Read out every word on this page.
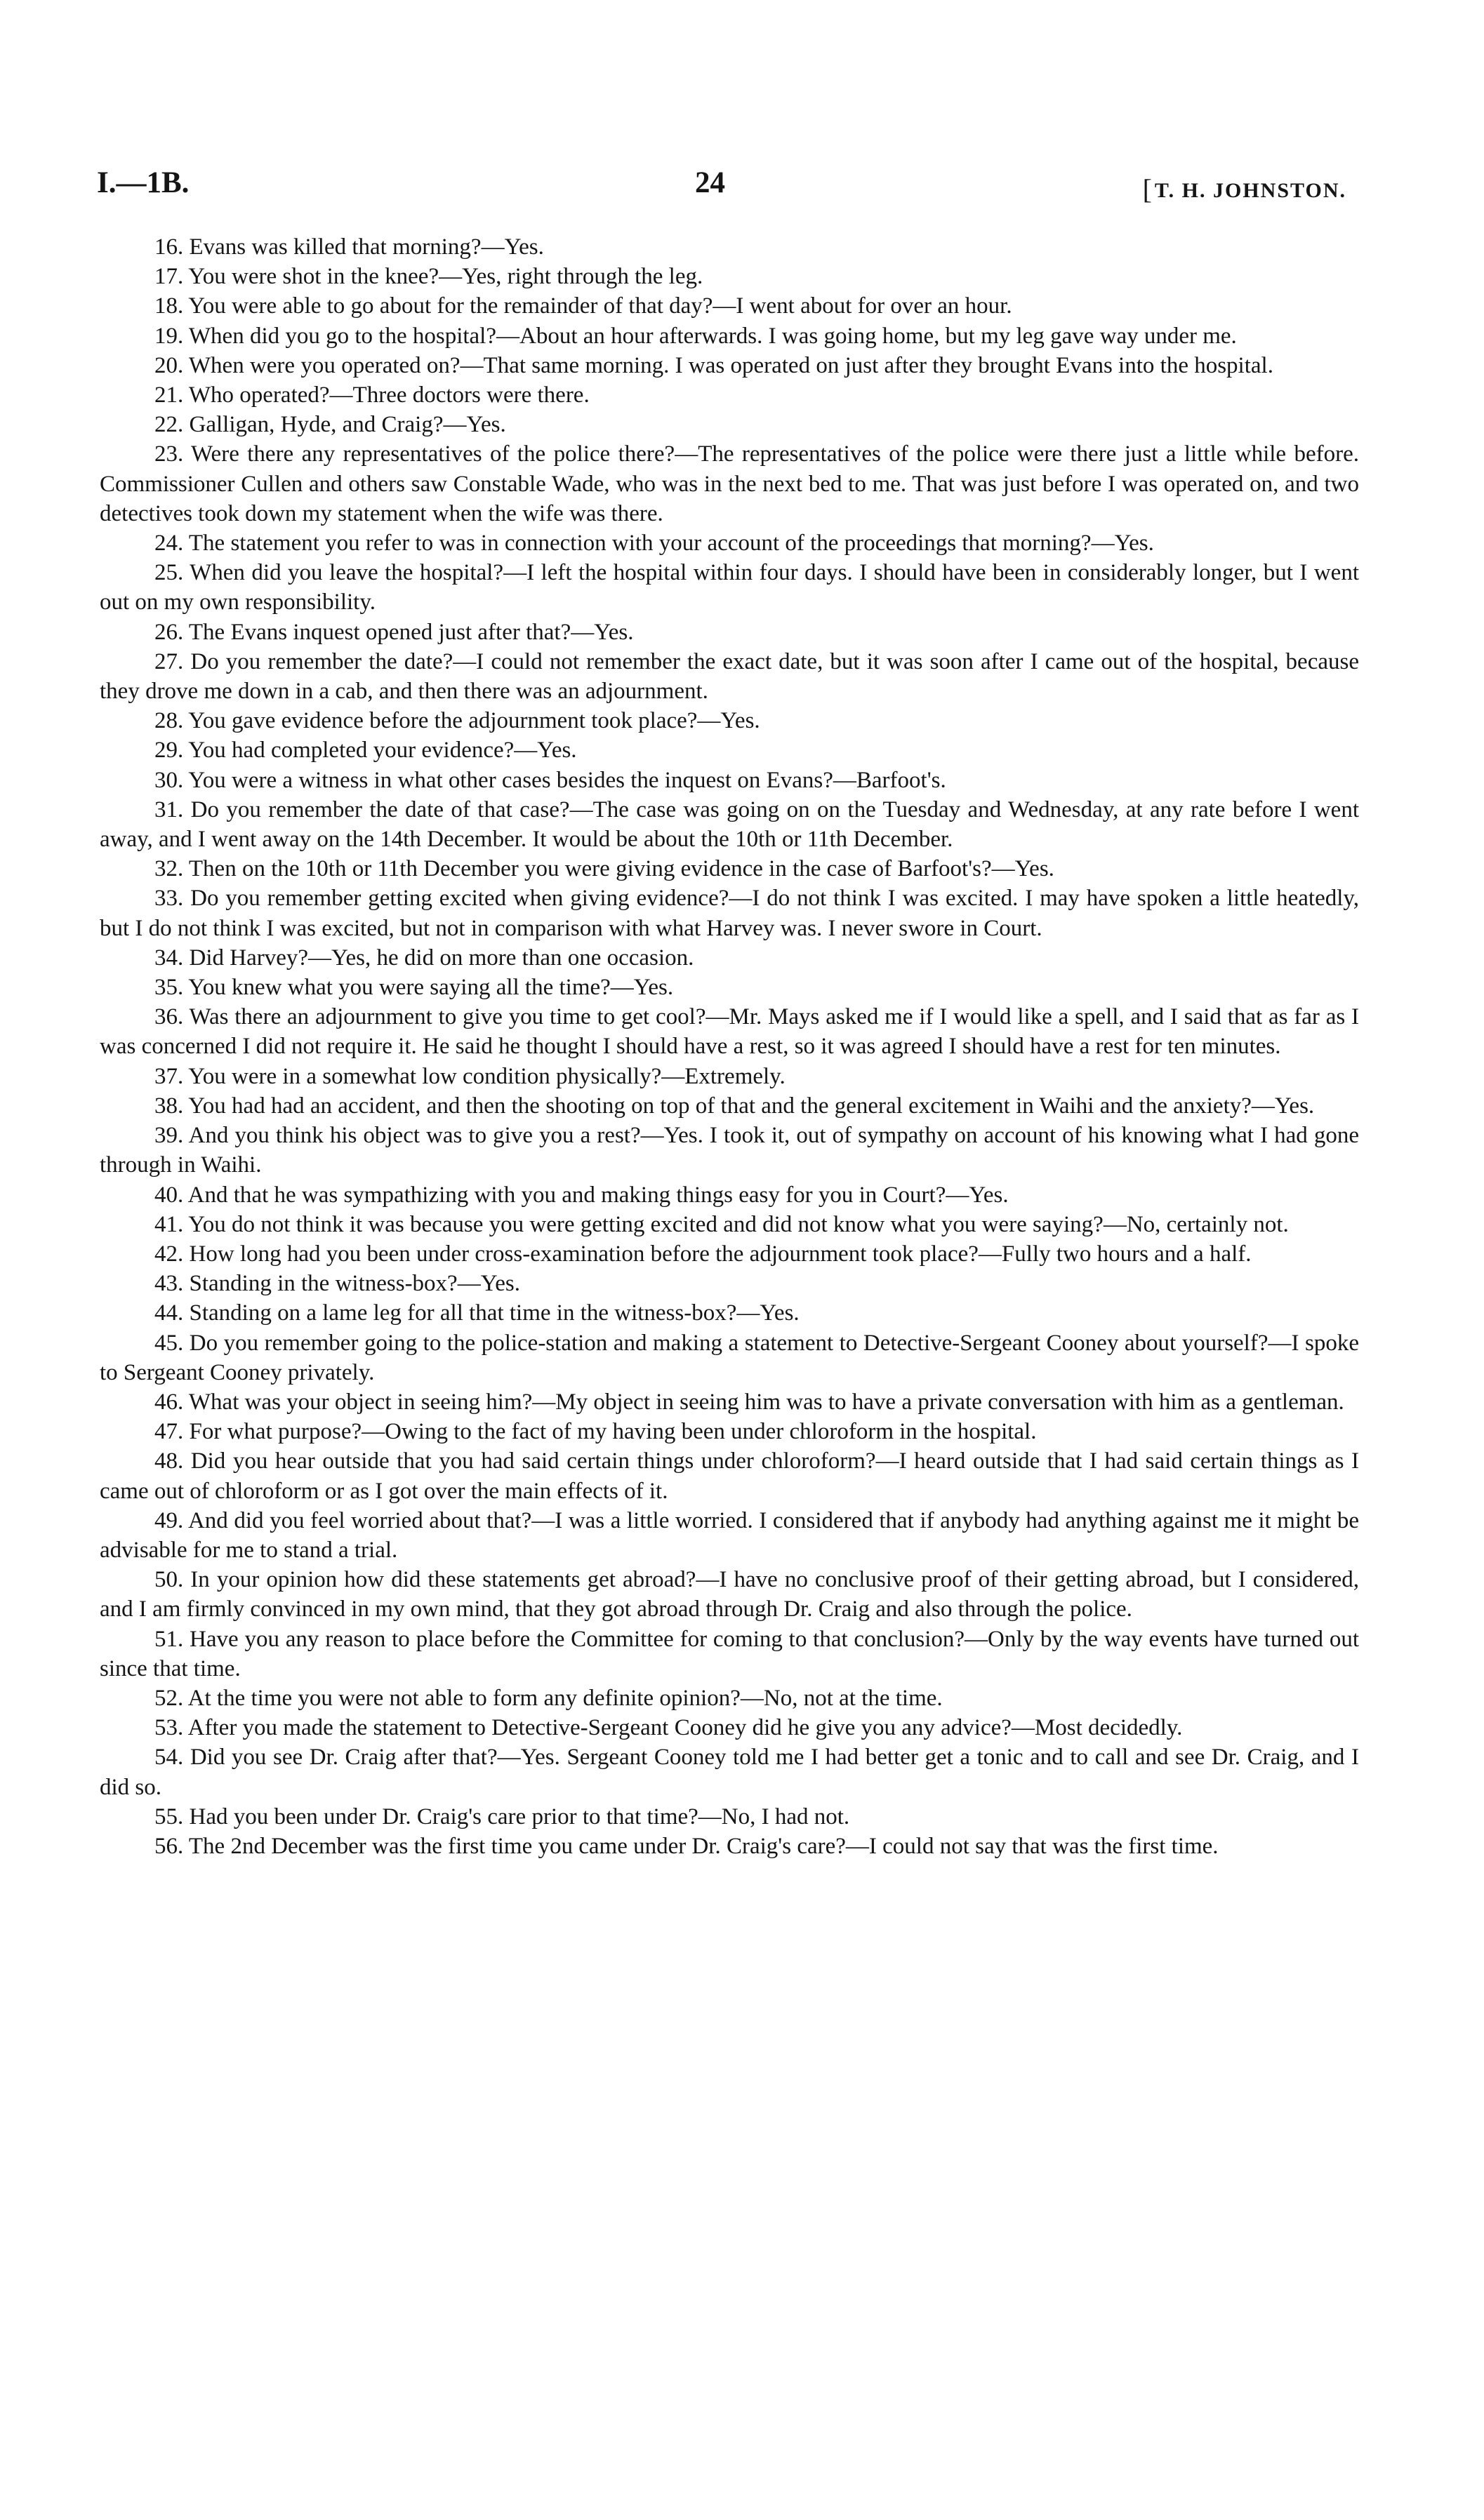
I.—1B.	24	[T. H. JOHNSTON.

16. Evans was killed that morning?—Yes.

17. You were shot in the knee?—Yes, right through the leg.

18. You were able to go about for the remainder of that day?—I went about for over an hour.

19. When did you go to the hospital?—About an hour afterwards. I was going home, but my leg gave way under me.

20. When were you operated on?—That same morning. I was operated on just after they brought Evans into the hospital.

21. Who operated?—Three doctors were there.

22. Galligan, Hyde, and Craig?—Yes.

23. Were there any representatives of the police there?—The representatives of the police were there just a little while before. Commissioner Cullen and others saw Constable Wade, who was in the next bed to me. That was just before I was operated on, and two detectives took down my statement when the wife was there.

24. The statement you refer to was in connection with your account of the proceedings that morning?—Yes.

25. When did you leave the hospital?—I left the hospital within four days. I should have been in considerably longer, but I went out on my own responsibility.

26. The Evans inquest opened just after that?—Yes.

27. Do you remember the date?—I could not remember the exact date, but it was soon after I came out of the hospital, because they drove me down in a cab, and then there was an adjournment.

28. You gave evidence before the adjournment took place?—Yes.

29. You had completed your evidence?—Yes.

30. You were a witness in what other cases besides the inquest on Evans?—Barfoot's.

31. Do you remember the date of that case?—The case was going on on the Tuesday and Wednesday, at any rate before I went away, and I went away on the 14th December. It would be about the 10th or 11th December.

32. Then on the 10th or 11th December you were giving evidence in the case of Barfoot's?—Yes.

33. Do you remember getting excited when giving evidence?—I do not think I was excited. I may have spoken a little heatedly, but I do not think I was excited, but not in comparison with what Harvey was. I never swore in Court.

34. Did Harvey?—Yes, he did on more than one occasion.

35. You knew what you were saying all the time?—Yes.

36. Was there an adjournment to give you time to get cool?—Mr. Mays asked me if I would like a spell, and I said that as far as I was concerned I did not require it. He said he thought I should have a rest, so it was agreed I should have a rest for ten minutes.

37. You were in a somewhat low condition physically?—Extremely.

38. You had had an accident, and then the shooting on top of that and the general excitement in Waihi and the anxiety?—Yes.

39. And you think his object was to give you a rest?—Yes. I took it, out of sympathy on account of his knowing what I had gone through in Waihi.

40. And that he was sympathizing with you and making things easy for you in Court?—Yes.

41. You do not think it was because you were getting excited and did not know what you were saying?—No, certainly not.

42. How long had you been under cross-examination before the adjournment took place?—Fully two hours and a half.

43. Standing in the witness-box?—Yes.

44. Standing on a lame leg for all that time in the witness-box?—Yes.

45. Do you remember going to the police-station and making a statement to Detective-Sergeant Cooney about yourself?—I spoke to Sergeant Cooney privately.

46. What was your object in seeing him?—My object in seeing him was to have a private conversation with him as a gentleman.

47. For what purpose?—Owing to the fact of my having been under chloroform in the hospital.

48. Did you hear outside that you had said certain things under chloroform?—I heard outside that I had said certain things as I came out of chloroform or as I got over the main effects of it.

49. And did you feel worried about that?—I was a little worried. I considered that if anybody had anything against me it might be advisable for me to stand a trial.

50. In your opinion how did these statements get abroad?—I have no conclusive proof of their getting abroad, but I considered, and I am firmly convinced in my own mind, that they got abroad through Dr. Craig and also through the police.

51. Have you any reason to place before the Committee for coming to that conclusion?—Only by the way events have turned out since that time.

52. At the time you were not able to form any definite opinion?—No, not at the time.

53. After you made the statement to Detective-Sergeant Cooney did he give you any advice?—Most decidedly.

54. Did you see Dr. Craig after that?—Yes. Sergeant Cooney told me I had better get a tonic and to call and see Dr. Craig, and I did so.

55. Had you been under Dr. Craig's care prior to that time?—No, I had not.

56. The 2nd December was the first time you came under Dr. Craig's care?—I could not say that was the first time.
